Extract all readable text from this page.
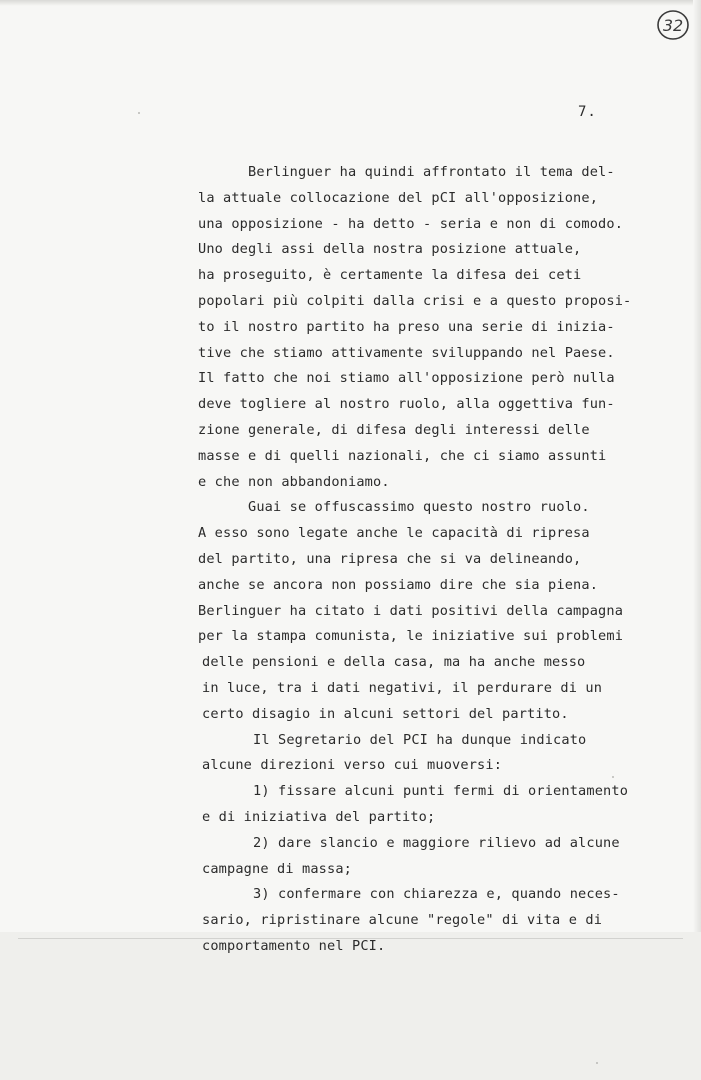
32
7.
Berlinguer ha quindi affrontato il tema del-
la attuale collocazione del pCI all'opposizione,
una opposizione - ha detto - seria e non di comodo.
Uno degli assi della nostra posizione attuale,
ha proseguito, è certamente la difesa dei ceti
popolari più colpiti dalla crisi e a questo proposi-
to il nostro partito ha preso una serie di inizia-
tive che stiamo attivamente sviluppando nel Paese.
Il fatto che noi stiamo all'opposizione però nulla
deve togliere al nostro ruolo, alla oggettiva fun-
zione generale, di difesa degli interessi delle
masse e di quelli nazionali, che ci siamo assunti
e che non abbandoniamo.
Guai se offuscassimo questo nostro ruolo.
A esso sono legate anche le capacità di ripresa
del partito, una ripresa che si va delineando,
anche se ancora non possiamo dire che sia piena.
Berlinguer ha citato i dati positivi della campagna
per la stampa comunista, le iniziative sui problemi
delle pensioni e della casa, ma ha anche messo
in luce, tra i dati negativi, il perdurare di un
certo disagio in alcuni settori del partito.
Il Segretario del PCI ha dunque indicato
alcune direzioni verso cui muoversi:
1) fissare alcuni punti fermi di orientamento
e di iniziativa del partito;
2) dare slancio e maggiore rilievo ad alcune
campagne di massa;
3) confermare con chiarezza e, quando neces-
sario, ripristinare alcune "regole" di vita e di
comportamento nel PCI.
